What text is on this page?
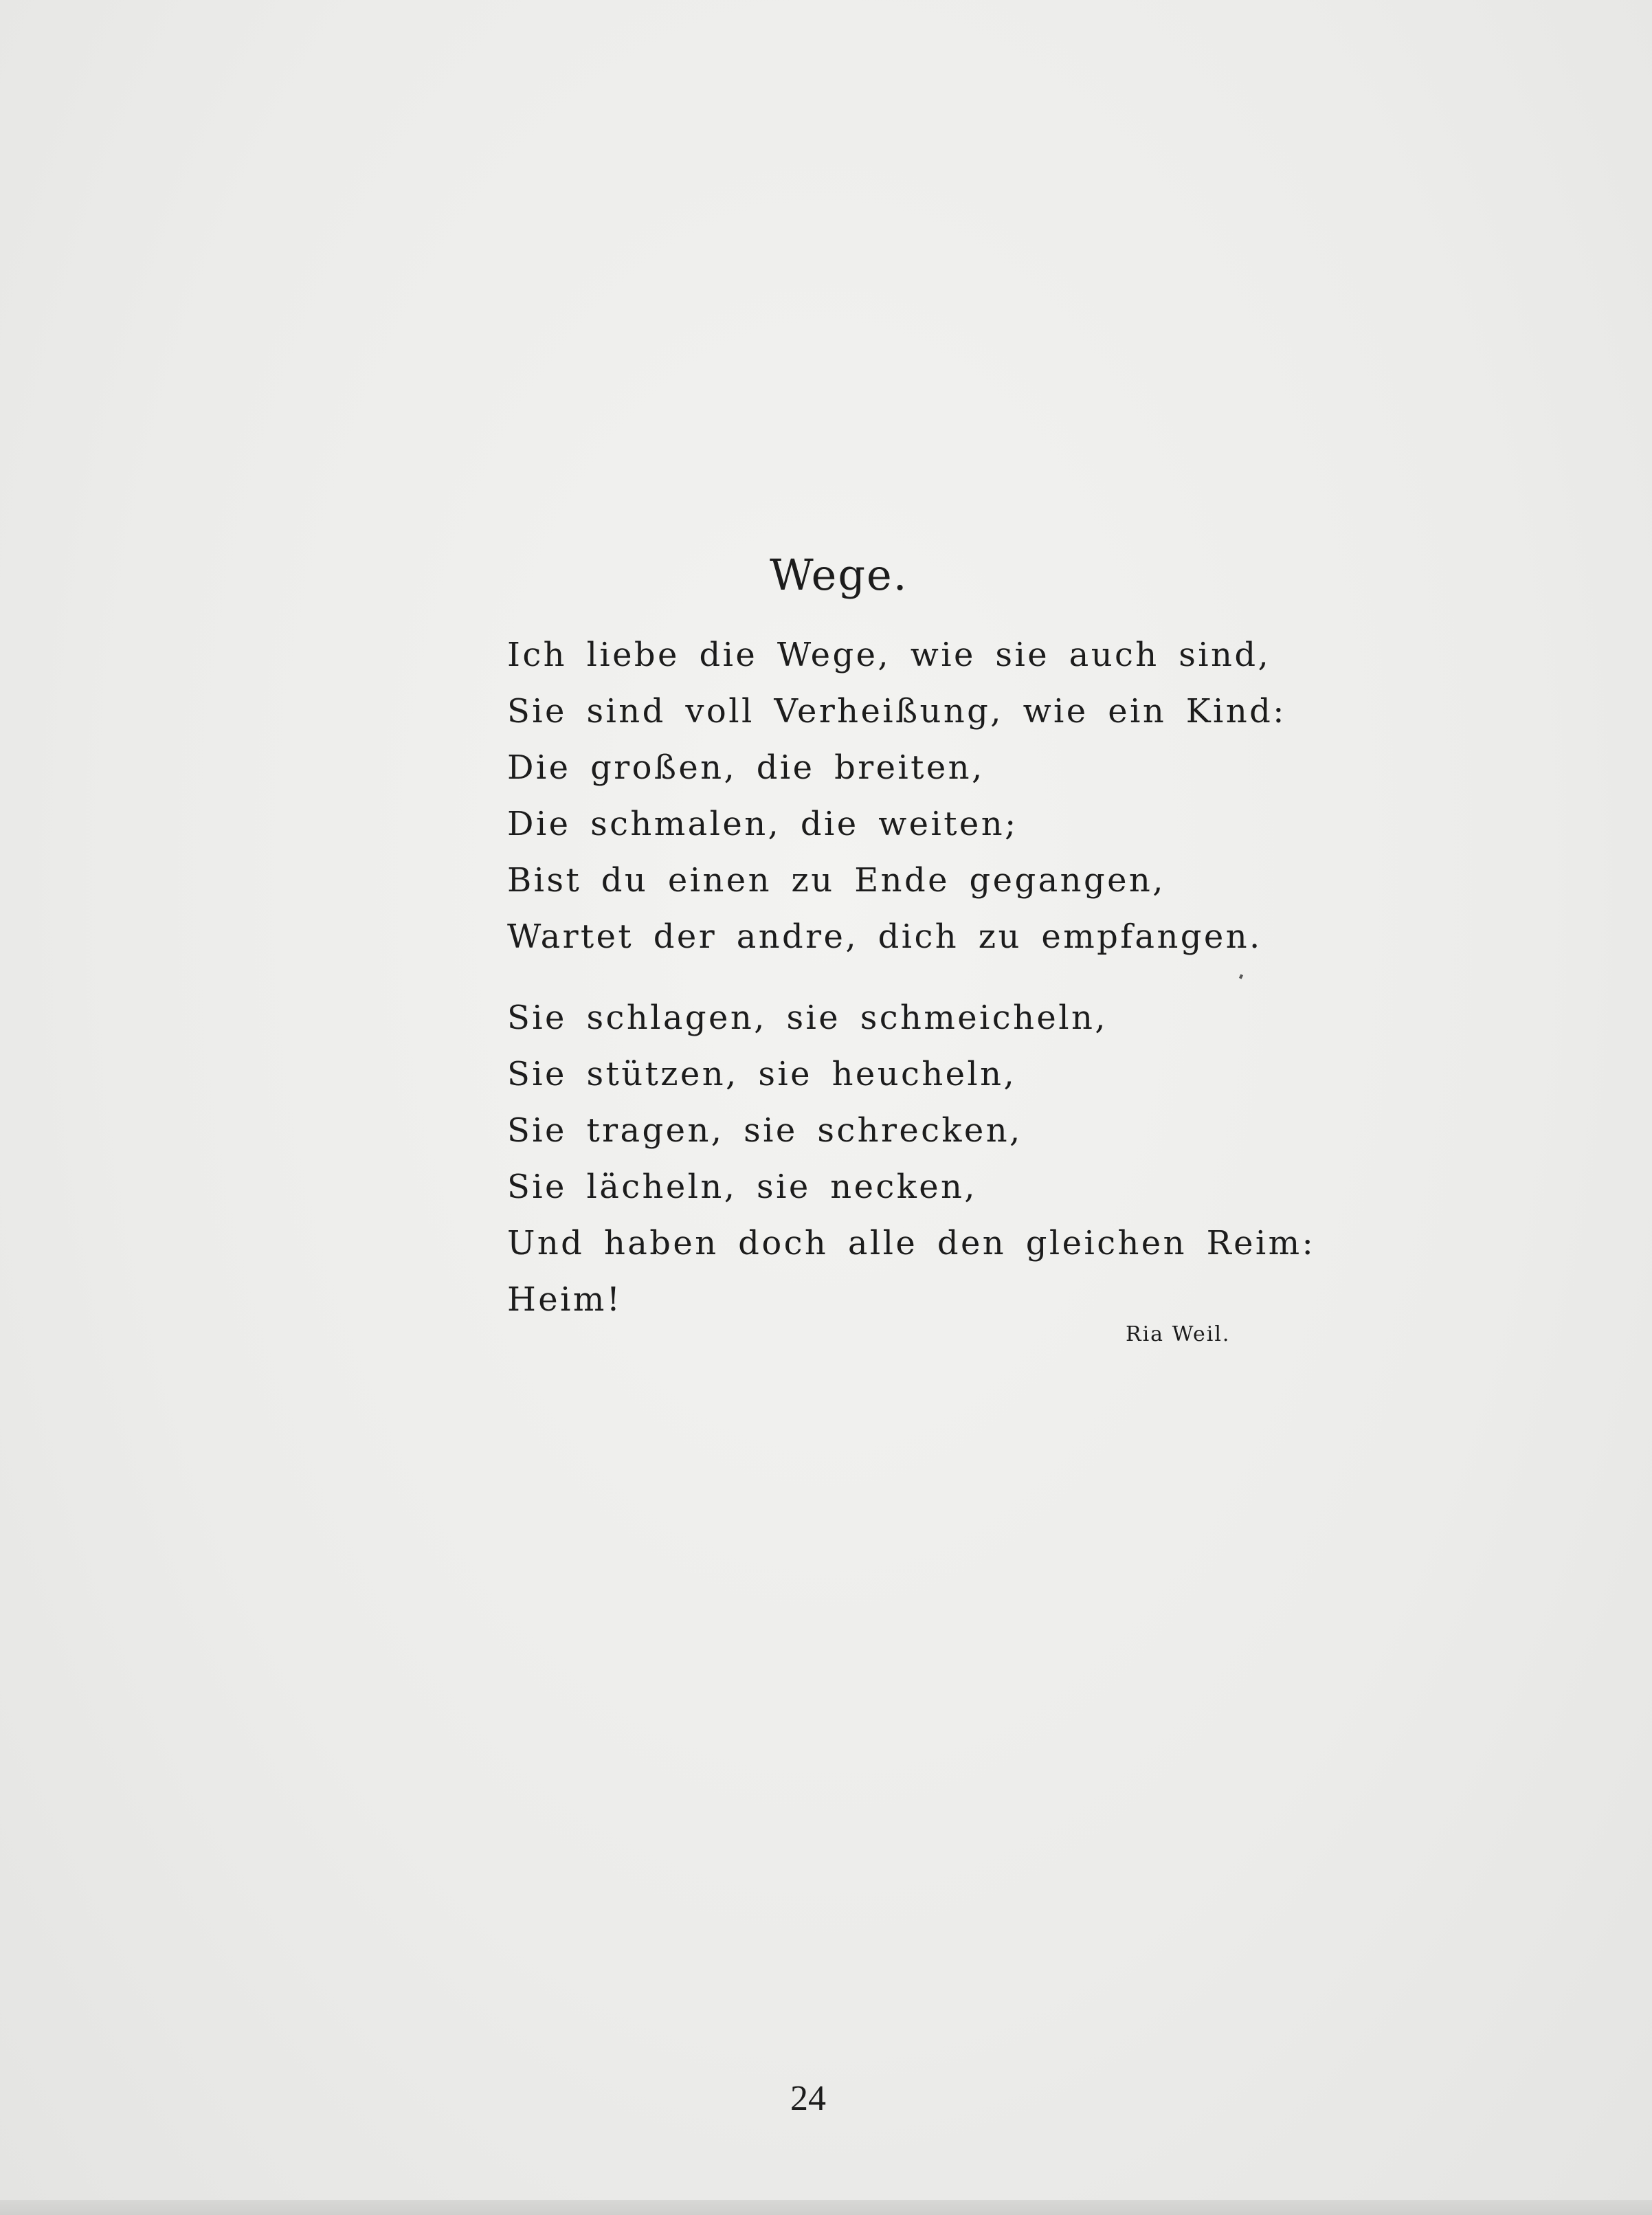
Wege.
Ich liebe die Wege, wie sie auch sind,
Sie sind voll Verheißung, wie ein Kind:
Die großen, die breiten,
Die schmalen, die weiten;
Bist du einen zu Ende gegangen,
Wartet der andre, dich zu empfangen.
Sie schlagen, sie schmeicheln,
Sie stützen, sie heucheln,
Sie tragen, sie schrecken,
Sie lächeln, sie necken,
Und haben doch alle den gleichen Reim:
Heim!
Ria Weil.
24
